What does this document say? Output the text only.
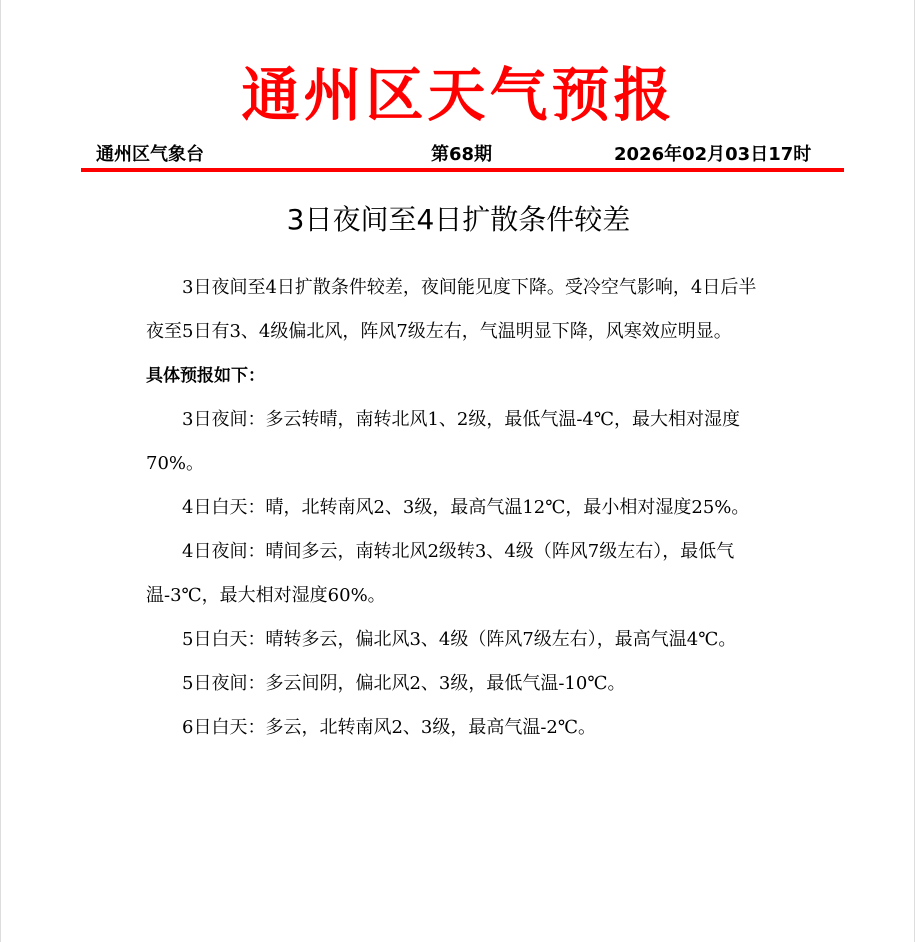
通州区天气预报
通州区气象台	第68期	2026年02月03日17时
3日夜间至4日扩散条件较差

3日夜间至4日扩散条件较差，夜间能见度下降。受冷空气影响，4日后半夜至5日有3、4级偏北风，阵风7级左右，气温明显下降，风寒效应明显。

具体预报如下：

3日夜间：多云转晴，南转北风1、2级，最低气温-4℃，最大相对湿度70%。

4日白天：晴，北转南风2、3级，最高气温12℃，最小相对湿度25%。

4日夜间：晴间多云，南转北风2级转3、4级（阵风7级左右），最低气温-3℃，最大相对湿度60%。

5日白天：晴转多云，偏北风3、4级（阵风7级左右），最高气温4℃。

5日夜间：多云间阴，偏北风2、3级，最低气温-10℃。

6日白天：多云，北转南风2、3级，最高气温-2℃。
